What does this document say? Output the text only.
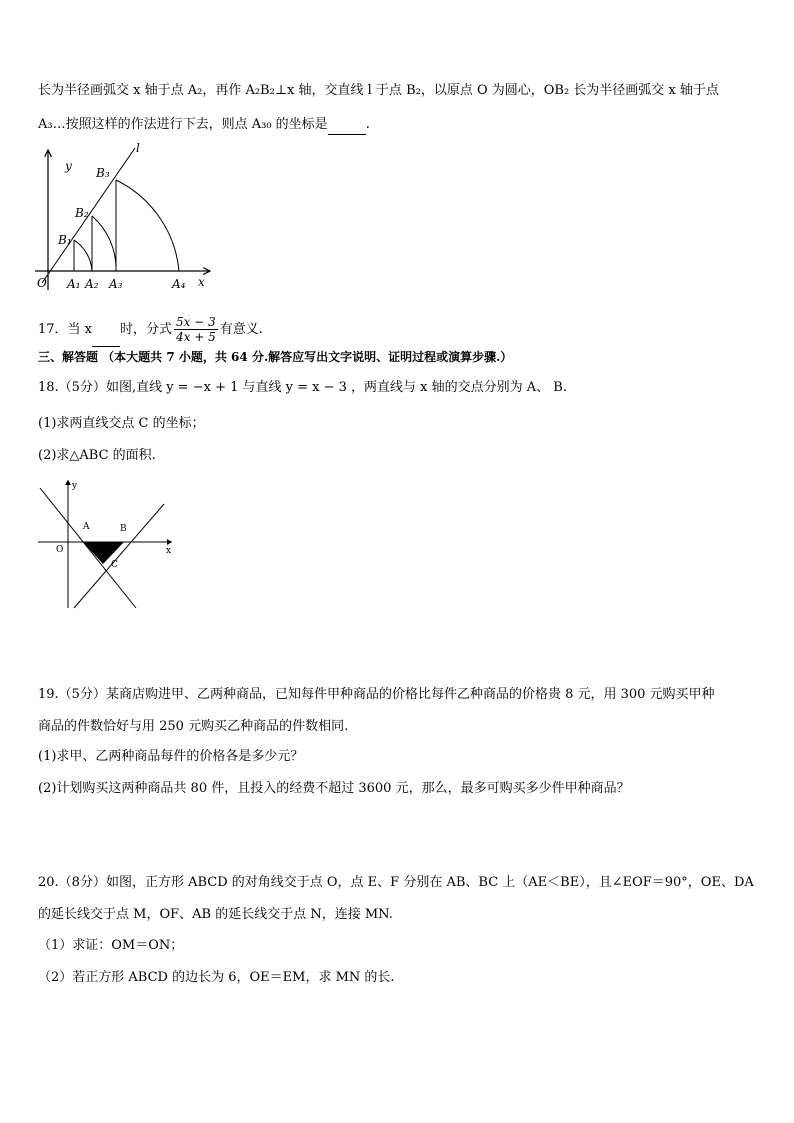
长为半径画弧交 x 轴于点 A₂，再作 A₂B₂⊥x 轴，交直线 l 于点 B₂，以原点 O 为圆心，OB₂ 长为半径画弧交 x 轴于点
A₃…按照这样的作法进行下去，则点 A₃₀ 的坐标是	.
l
y
x
O
B₁
B₂
B₃
A₁ A₂ A₃	A₄
17．当 x 时，分式 $\frac{5x - 3}{4x + 5}$ 有意义.
三、解答题 （本大题共 7 小题，共 64 分.解答应写出文字说明、证明过程或演算步骤.）
18.（5分）如图,直线 y = −x + 1 与直线 y = x − 3 ，两直线与 x 轴的交点分别为 A、 B.
(1)求两直线交点 C 的坐标；
(2)求△ABC 的面积.
y
x
O
A	B
C
19.（5分）某商店购进甲、乙两种商品，已知每件甲种商品的价格比每件乙种商品的价格贵 8 元，用 300 元购买甲种
商品的件数恰好与用 250 元购买乙种商品的件数相同.
(1)求甲、乙两种商品每件的价格各是多少元？
(2)计划购买这两种商品共 80 件，且投入的经费不超过 3600 元，那么，最多可购买多少件甲种商品？
20.（8分）如图，正方形 ABCD 的对角线交于点 O，点 E、F 分别在 AB、BC 上（AE＜BE），且∠EOF＝90°，OE、DA
的延长线交于点 M，OF、AB 的延长线交于点 N，连接 MN.
（1）求证：OM＝ON；
（2）若正方形 ABCD 的边长为 6，OE＝EM，求 MN 的长.
